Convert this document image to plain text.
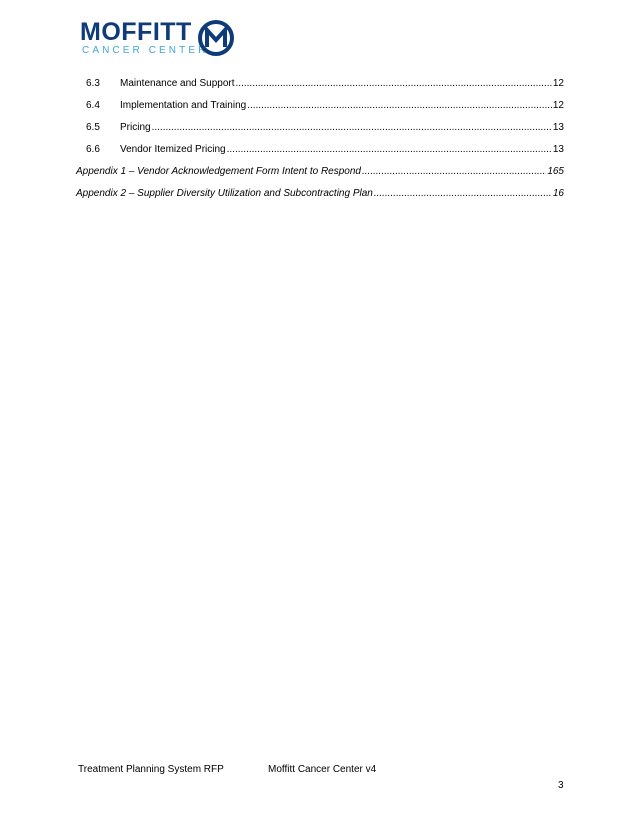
MOFFITT
CANCER CENTER
6.3	Maintenance and Support .....	12
6.4	Implementation and Training .....	12
6.5	Pricing .....	13
6.6	Vendor Itemized Pricing .....	13
Appendix 1 – Vendor Acknowledgement Form Intent to Respond .....	165
Appendix 2 – Supplier Diversity Utilization and Subcontracting Plan .....	16
Treatment Planning System RFP	Moffitt Cancer Center v4
3
